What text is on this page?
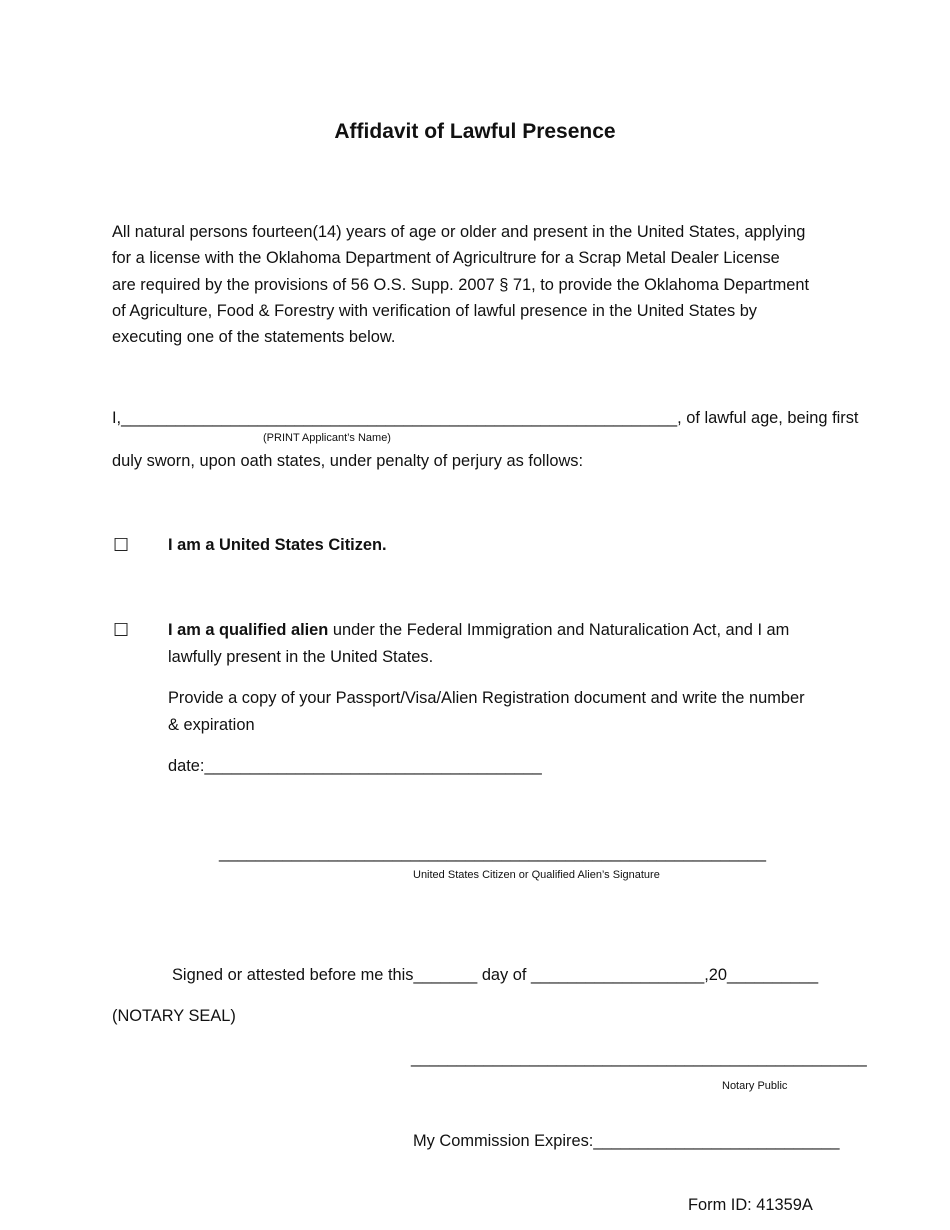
Affidavit of Lawful Presence
All natural persons fourteen(14) years of age or older and present in the United States, applying
for a license with the Oklahoma Department of Agricultrure for a Scrap Metal Dealer License
are required by the provisions of 56 O.S. Supp. 2007 § 71, to provide the Oklahoma Department
of Agriculture, Food & Forestry with verification of lawful presence in the United States by
executing one of the statements below.
I,_____________________________________________________________, of lawful age, being first
(PRINT Applicant’s Name)
duly sworn, upon oath states, under penalty of perjury as follows:
☐ I am a United States Citizen.
☐ I am a qualified alien under the Federal Immigration and Naturalication Act, and I am
lawfully present in the United States.
Provide a copy of your Passport/Visa/Alien Registration document and write the number
& expiration
date:_____________________________________
____________________________________________________________
United States Citizen or Qualified Alien’s Signature
Signed or attested before me this_______ day of ___________________,20__________
(NOTARY SEAL)
__________________________________________________
Notary Public
My Commission Expires:___________________________
Form ID: 41359A
